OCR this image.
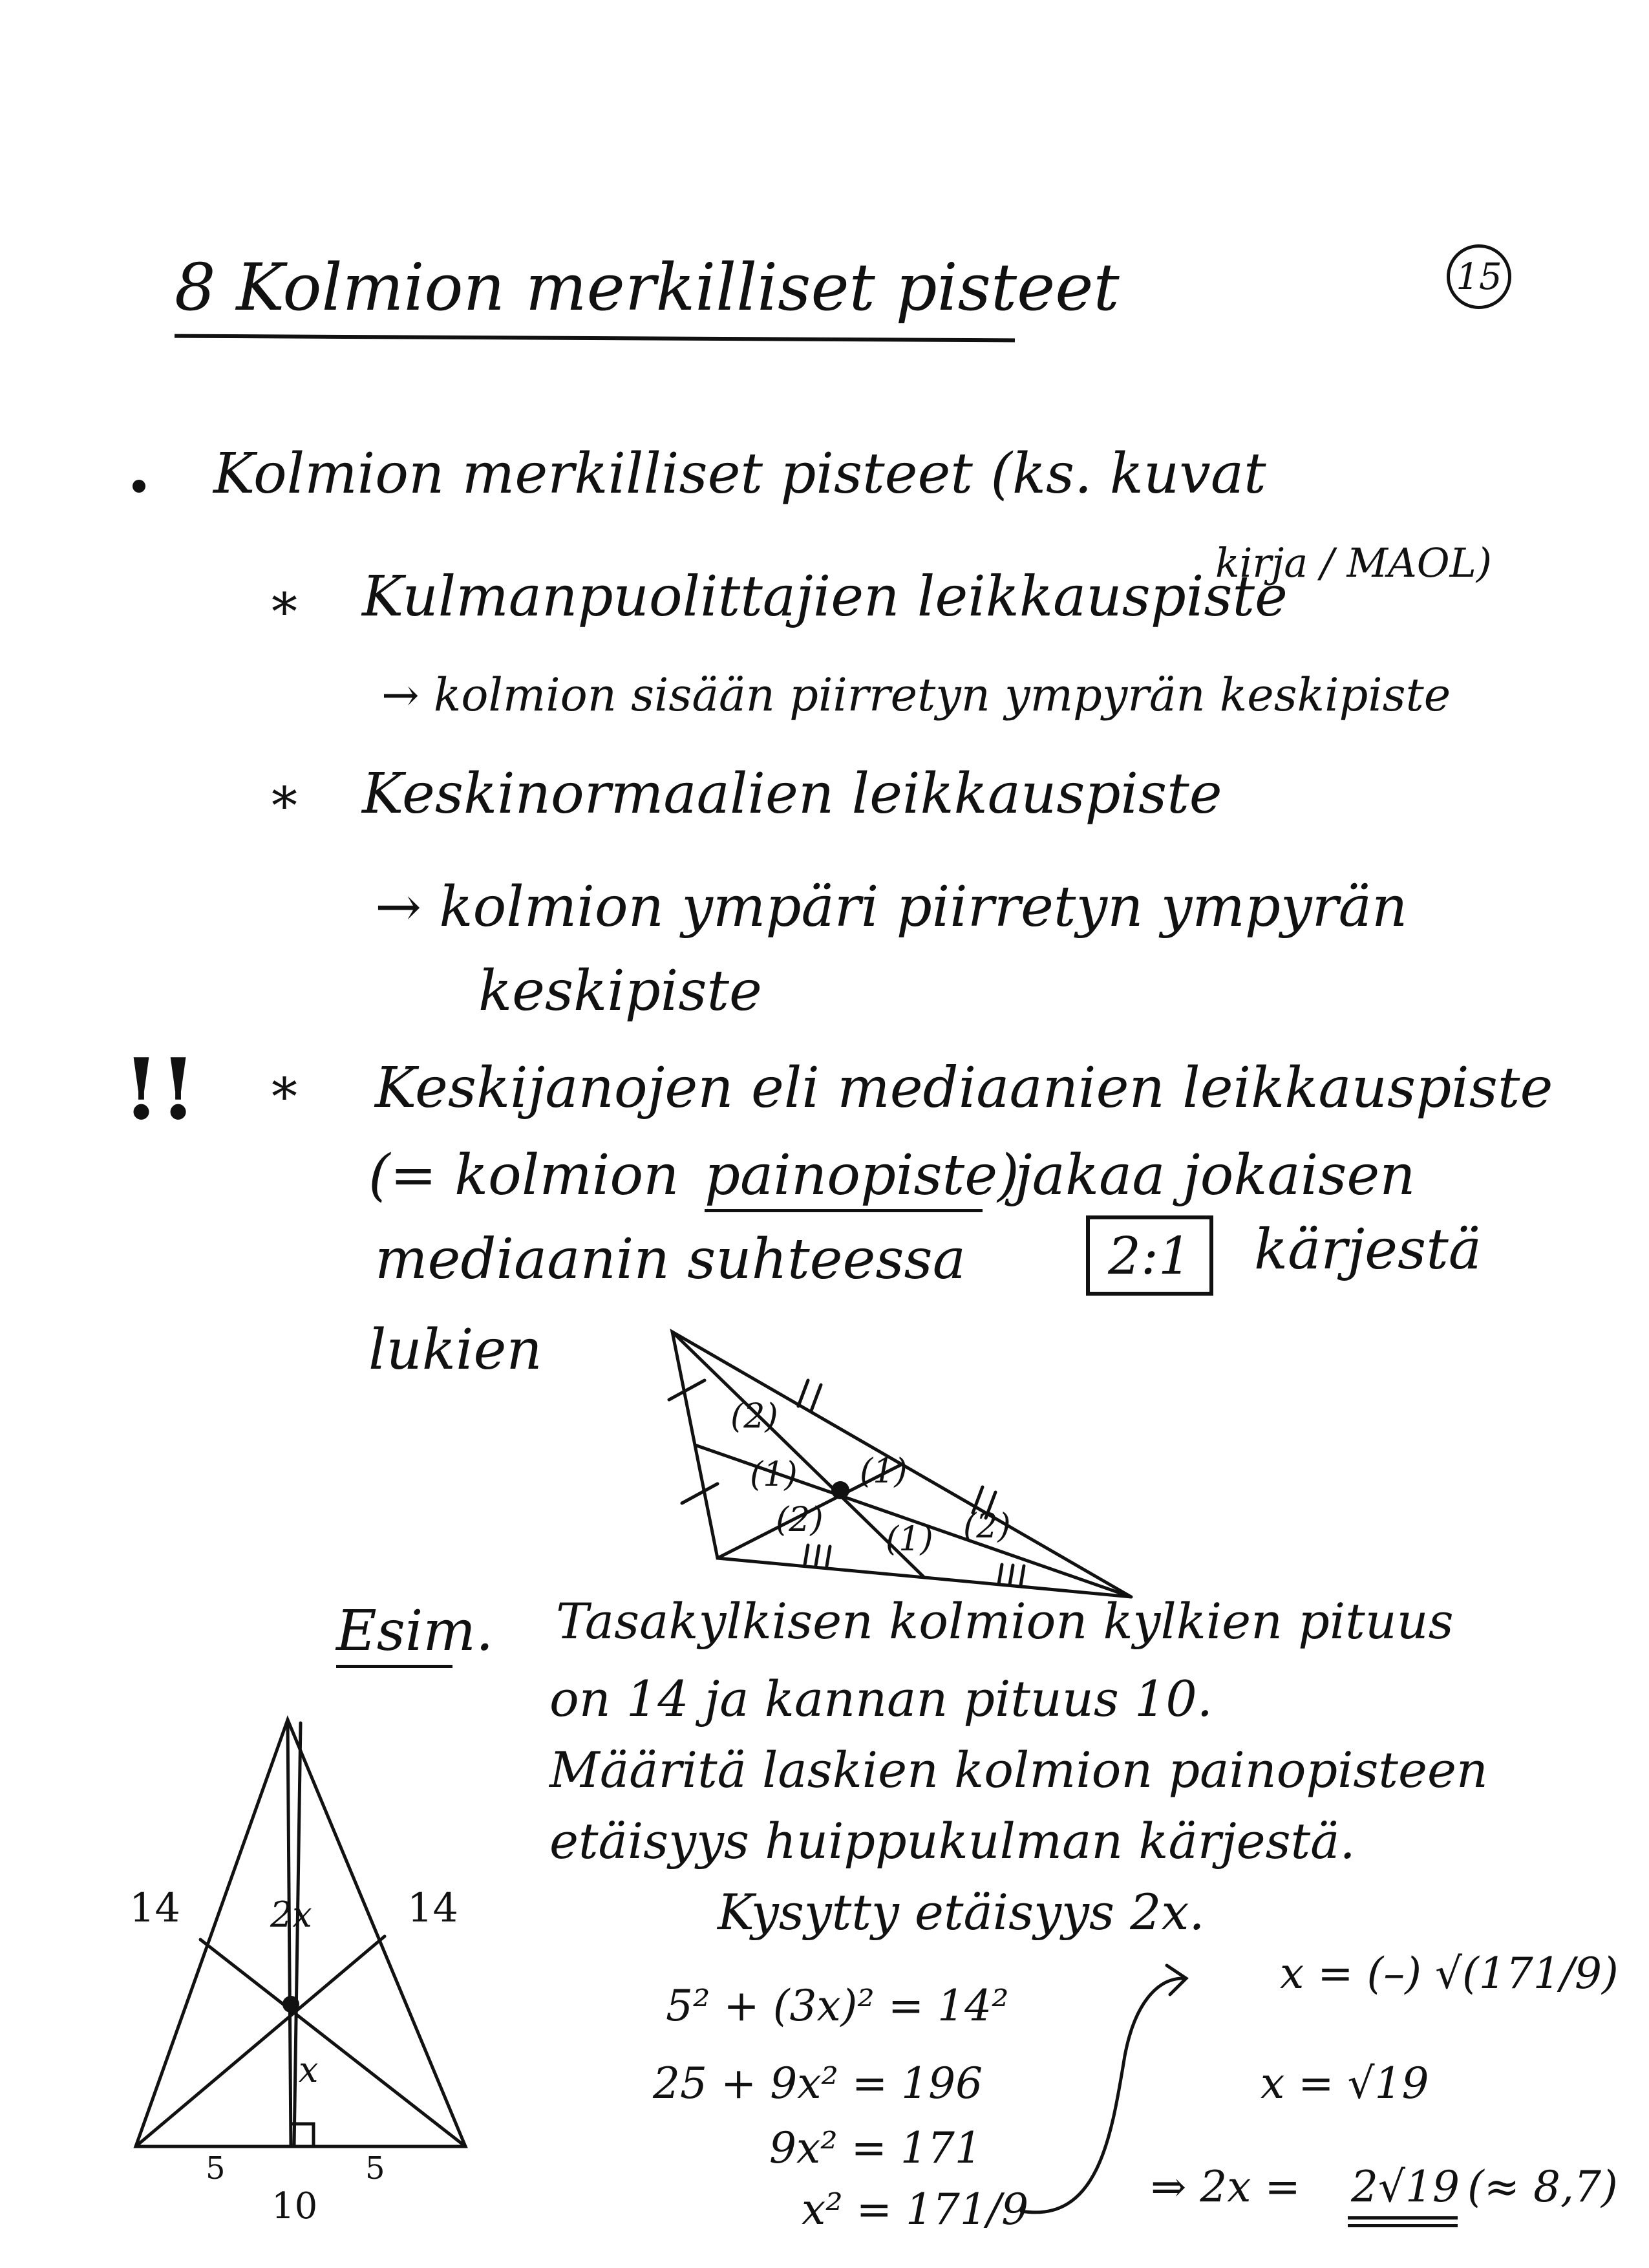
8 Kolmion merkilliset pisteet	15
Kolmion merkilliset pisteet (ks. kuvat
kirja / MAOL)
* Kulmanpuolittajien leikkauspiste
→ kolmion sisään piirretyn ympyrän keskipiste
* Keskinormaalien leikkauspiste
→ kolmion ympäri piirretyn ympyrän
keskipiste
!! * Keskijanojen eli mediaanien leikkauspiste
(= kolmion painopiste)
jakaa jokaisen
mediaanin suhteessa	2:1	kärjestä
lukien
(2)
(1) (1)
(2) (1) (2)
Esim. Tasakylkisen kolmion kylkien pituus
on 14 ja kannan pituus 10.
Määritä laskien kolmion painopisteen
etäisyys huippukulman kärjestä.
Kysytty etäisyys 2x.
14	14
2x
x
5	5
10
5² + (3x)² = 14²
25 + 9x² = 196
9x² = 171
x² = 171/9
x = (–) √(171/9)
x = √19
⇒ 2x = 2√19 (≈ 8,7)
